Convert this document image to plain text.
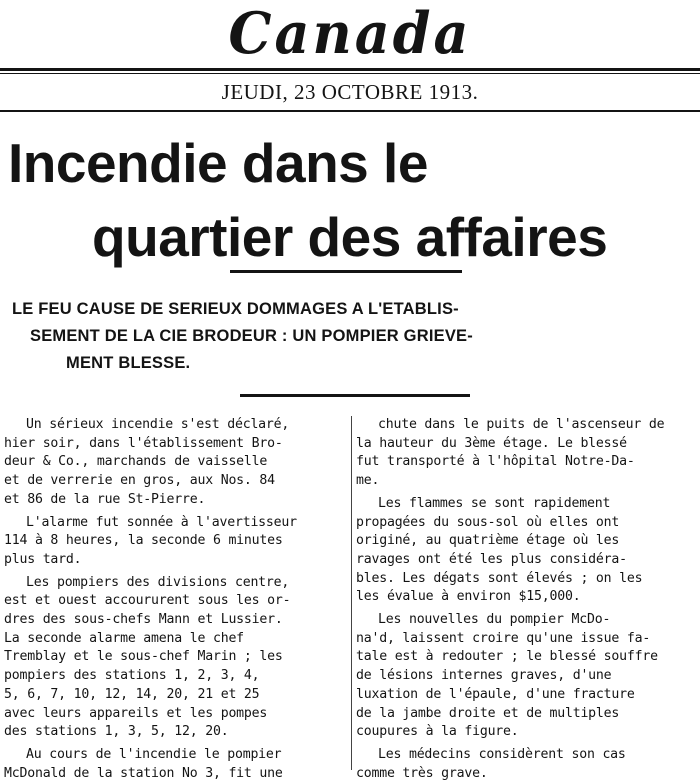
Canada
JEUDI, 23 OCTOBRE 1913.
Incendie dans le
quartier des affaires
LE FEU CAUSE DE SERIEUX DOMMAGES A L'ETABLIS-
SEMENT DE LA CIE BRODEUR : UN POMPIER GRIEVE-
MENT BLESSE.

Un sérieux incendie s'est déclaré,
hier soir, dans l'établissement Bro-
deur & Co., marchands de vaisselle
et de verrerie en gros, aux Nos. 84
et 86 de la rue St-Pierre.

L'alarme fut sonnée à l'avertisseur
114 à 8 heures, la seconde 6 minutes
plus tard.

Les pompiers des divisions centre,
est et ouest accoururent sous les or-
dres des sous-chefs Mann et Lussier.
La seconde alarme amena le chef
Tremblay et le sous-chef Marin ; les
pompiers des stations 1, 2, 3, 4,
5, 6, 7, 10, 12, 14, 20, 21 et 25
avec leurs appareils et les pompes
des stations 1, 3, 5, 12, 20.

Au cours de l'incendie le pompier
McDonald de la station No 3, fit une

chute dans le puits de l'ascenseur de
la hauteur du 3ème étage. Le blessé
fut transporté à l'hôpital Notre-Da-
me.

Les flammes se sont rapidement
propagées du sous-sol où elles ont
originé, au quatrième étage où les
ravages ont été les plus considéra-
bles. Les dégats sont élevés ; on les
les évalue à environ $15,000.

Les nouvelles du pompier McDo-
na'd, laissent croire qu'une issue fa-
tale est à redouter ; le blessé souffre
de lésions internes graves, d'une
luxation de l'épaule, d'une fracture
de la jambe droite et de multiples
coupures à la figure.

Les médecins considèrent son cas
comme très grave.
